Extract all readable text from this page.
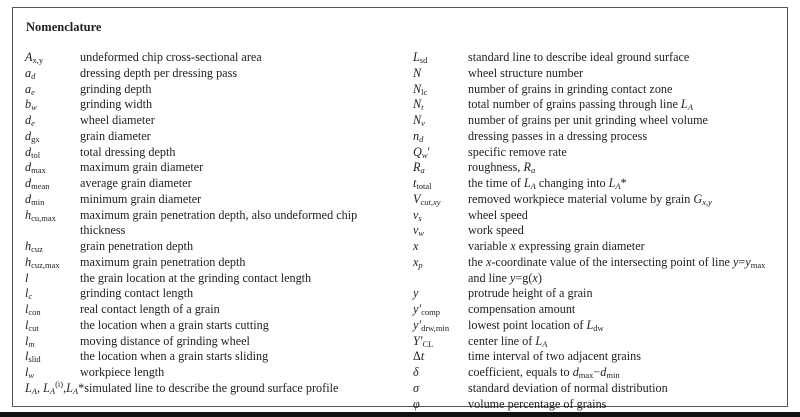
Nomenclature
$A_{x,y}$	undeformed chip cross-sectional area
$a_d$	dressing depth per dressing pass
$a_e$	grinding depth
$b_w$	grinding width
$d_e$	wheel diameter
$d_{gx}$	grain diameter
$d_{tol}$	total dressing depth
$d_{max}$	maximum grain diameter
$d_{mean}$	average grain diameter
$d_{min}$	minimum grain diameter
$h_{cu,max}$	maximum grain penetration depth, also undeformed chip thickness
$h_{cuz}$	grain penetration depth
$h_{cuz,max}$	maximum grain penetration depth
l	the grain location at the grinding contact length
$l_c$	grinding contact length
$l_{con}$	real contact length of a grain
$l_{cut}$	the location when a grain starts cutting
$l_m$	moving distance of grinding wheel
$l_{slid}$	the location when a grain starts sliding
$l_w$	workpiece length
$L_A$, $L_A^{(i)},L_A*$ simulated line to describe the ground surface profile
$L_{sd}$	standard line to describe ideal ground surface
N	wheel structure number
$N_{lc}$	number of grains in grinding contact zone
$N_t$	total number of grains passing through line $L_A$
$N_v$	number of grains per unit grinding wheel volume
$n_d$	dressing passes in a dressing process
$Q_w'$	specific remove rate
$R_a$	roughness, $R_a$
$t_{total}$	the time of $L_A$ changing into $L_A*$
$V_{cut,xy}$	removed workpiece material volume by grain $G_{x,y}$
$v_s$	wheel speed
$v_w$	work speed
x	variable x expressing grain diameter
$x_p$	the x-coordinate value of the intersecting point of line $y=y_{max}$ and line y=g(x)
y	protrude height of a grain
$y'_{comp}$	compensation amount
$y'_{drw,min}$	lowest point location of $L_{dw}$
$Y'_{CL}$	center line of $L_A$
Δt	time interval of two adjacent grains
δ	coefficient, equals to $d_{max}-d_{min}$
σ	standard deviation of normal distribution
φ	volume percentage of grains
